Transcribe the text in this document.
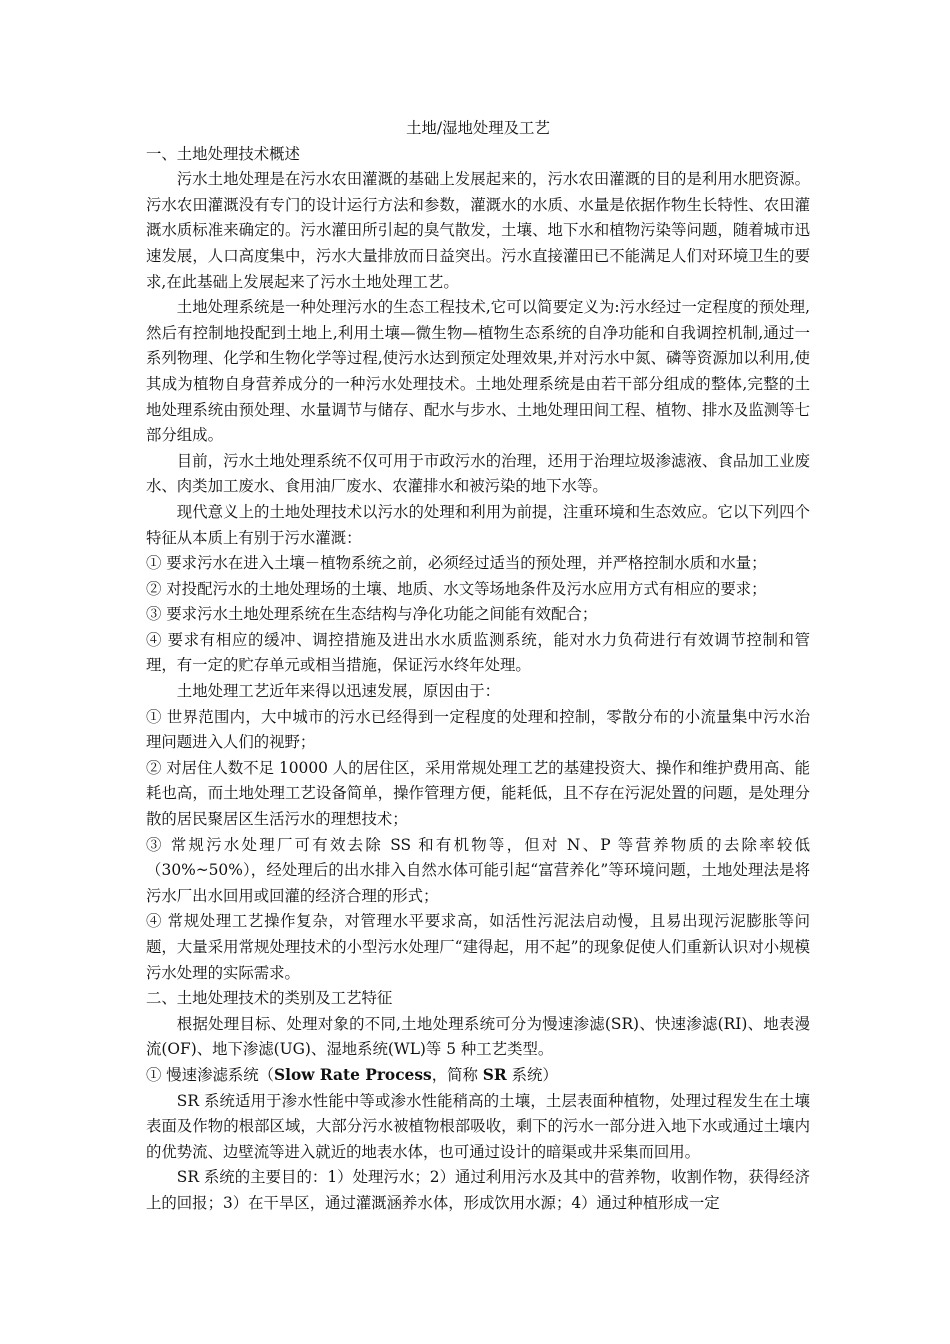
土地/湿地处理及工艺

一、土地处理技术概述

污水土地处理是在污水农田灌溉的基础上发展起来的，污水农田灌溉的目的是利用水肥资源。污水农田灌溉没有专门的设计运行方法和参数，灌溉水的水质、水量是依据作物生长特性、农田灌溉水质标准来确定的。污水灌田所引起的臭气散发，土壤、地下水和植物污染等问题，随着城市迅速发展，人口高度集中，污水大量排放而日益突出。污水直接灌田已不能满足人们对环境卫生的要求,在此基础上发展起来了污水土地处理工艺。

土地处理系统是一种处理污水的生态工程技术,它可以简要定义为:污水经过一定程度的预处理,然后有控制地投配到土地上,利用土壤—微生物—植物生态系统的自净功能和自我调控机制,通过一系列物理、化学和生物化学等过程,使污水达到预定处理效果,并对污水中氮、磷等资源加以利用,使其成为植物自身营养成分的一种污水处理技术。土地处理系统是由若干部分组成的整体,完整的土地处理系统由预处理、水量调节与储存、配水与步水、土地处理田间工程、植物、排水及监测等七部分组成。

目前，污水土地处理系统不仅可用于市政污水的治理，还用于治理垃圾渗滤液、食品加工业废水、肉类加工废水、食用油厂废水、农灌排水和被污染的地下水等。

现代意义上的土地处理技术以污水的处理和利用为前提，注重环境和生态效应。它以下列四个特征从本质上有别于污水灌溉：

① 要求污水在进入土壤－植物系统之前，必须经过适当的预处理，并严格控制水质和水量；

② 对投配污水的土地处理场的土壤、地质、水文等场地条件及污水应用方式有相应的要求；

③ 要求污水土地处理系统在生态结构与净化功能之间能有效配合；

④ 要求有相应的缓冲、调控措施及进出水水质监测系统，能对水力负荷进行有效调节控制和管理，有一定的贮存单元或相当措施，保证污水终年处理。

土地处理工艺近年来得以迅速发展，原因由于：

① 世界范围内，大中城市的污水已经得到一定程度的处理和控制，零散分布的小流量集中污水治理问题进入人们的视野；

② 对居住人数不足 10000 人的居住区，采用常规处理工艺的基建投资大、操作和维护费用高、能耗也高，而土地处理工艺设备简单，操作管理方便，能耗低，且不存在污泥处置的问题，是处理分散的居民聚居区生活污水的理想技术；

③ 常规污水处理厂可有效去除 SS 和有机物等，但对 N、P 等营养物质的去除率较低（30%~50%），经处理后的出水排入自然水体可能引起“富营养化”等环境问题，土地处理法是将污水厂出水回用或回灌的经济合理的形式；

④ 常规处理工艺操作复杂，对管理水平要求高，如活性污泥法启动慢，且易出现污泥膨胀等问题，大量采用常规处理技术的小型污水处理厂“建得起，用不起”的现象促使人们重新认识对小规模污水处理的实际需求。

二、土地处理技术的类别及工艺特征

根据处理目标、处理对象的不同,土地处理系统可分为慢速渗滤(SR)、快速渗滤(RI)、地表漫流(OF)、地下渗滤(UG)、湿地系统(WL)等 5 种工艺类型。

① 慢速渗滤系统（Slow Rate Process，简称 SR 系统）

SR 系统适用于渗水性能中等或渗水性能稍高的土壤，土层表面种植物，处理过程发生在土壤表面及作物的根部区域，大部分污水被植物根部吸收，剩下的污水一部分进入地下水或通过土壤内的优势流、边壁流等进入就近的地表水体，也可通过设计的暗渠或井采集而回用。

SR 系统的主要目的：1）处理污水；2）通过利用污水及其中的营养物，收割作物，获得经济上的回报；3）在干旱区，通过灌溉涵养水体，形成饮用水源；4）通过种植形成一定
